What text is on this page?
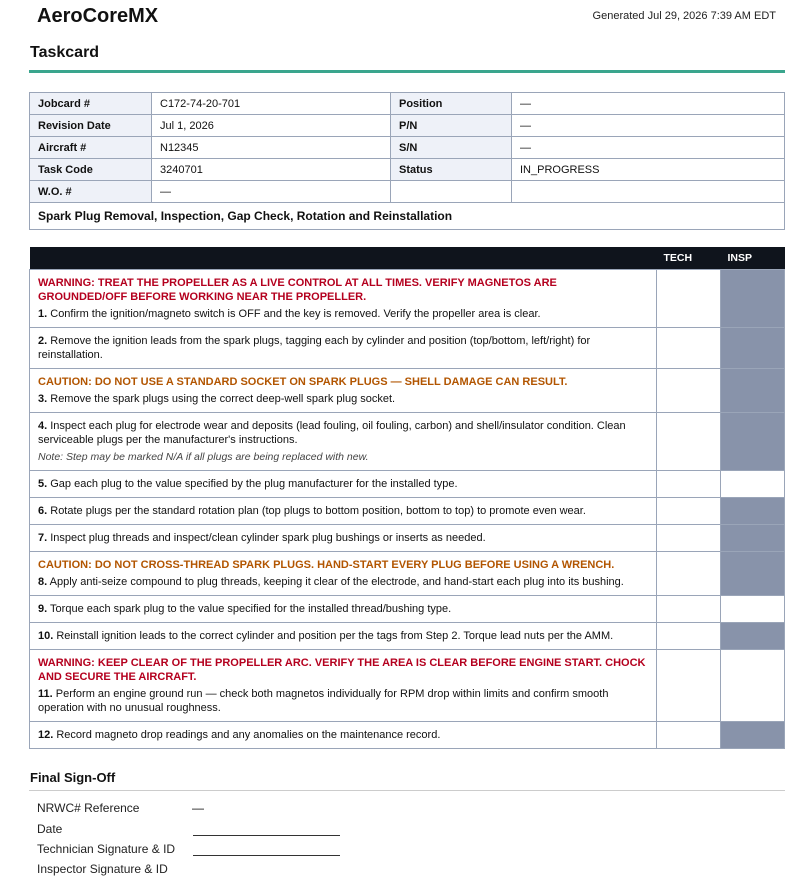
AeroCoreMX	Generated Jul 29, 2026 7:39 AM EDT
Taskcard
Jobcard #	C172-74-20-701	Position	—
Revision Date	Jul 1, 2026	P/N	—
Aircraft #	N12345	S/N	—
Task Code	3240701	Status	IN_PROGRESS
W.O. #	—		
Spark Plug Removal, Inspection, Gap Check, Rotation and Reinstallation			
	TECH	INSP

WARNING: TREAT THE PROPELLER AS A LIVE CONTROL AT ALL TIMES. VERIFY MAGNETOS ARE GROUNDED/OFF BEFORE WORKING NEAR THE PROPELLER.
1. Confirm the ignition/magneto switch is OFF and the key is removed. Verify the propeller area is clear.		

2. Remove the ignition leads from the spark plugs, tagging each by cylinder and position (top/bottom, left/right) for reinstallation.		

CAUTION: DO NOT USE A STANDARD SOCKET ON SPARK PLUGS — SHELL DAMAGE CAN RESULT.
3. Remove the spark plugs using the correct deep-well spark plug socket.		

4. Inspect each plug for electrode wear and deposits (lead fouling, oil fouling, carbon) and shell/insulator condition. Clean serviceable plugs per the manufacturer's instructions.
Note: Step may be marked N/A if all plugs are being replaced with new.		

5. Gap each plug to the value specified by the plug manufacturer for the installed type.		
6. Rotate plugs per the standard rotation plan (top plugs to bottom position, bottom to top) to promote even wear.		
7. Inspect plug threads and inspect/clean cylinder spark plug bushings or inserts as needed.		

CAUTION: DO NOT CROSS-THREAD SPARK PLUGS. HAND-START EVERY PLUG BEFORE USING A WRENCH.
8. Apply anti-seize compound to plug threads, keeping it clear of the electrode, and hand-start each plug into its bushing.		

9. Torque each spark plug to the value specified for the installed thread/bushing type.		
10. Reinstall ignition leads to the correct cylinder and position per the tags from Step 2. Torque lead nuts per the AMM.		

WARNING: KEEP CLEAR OF THE PROPELLER ARC. VERIFY THE AREA IS CLEAR BEFORE ENGINE START. CHOCK AND SECURE THE AIRCRAFT.
11. Perform an engine ground run — check both magnetos individually for RPM drop within limits and confirm smooth operation with no unusual roughness.		

12. Record magneto drop readings and any anomalies on the maintenance record.		
Final Sign-Off
NRWC# Reference	—
Date
Technician Signature & ID
Inspector Signature & ID
